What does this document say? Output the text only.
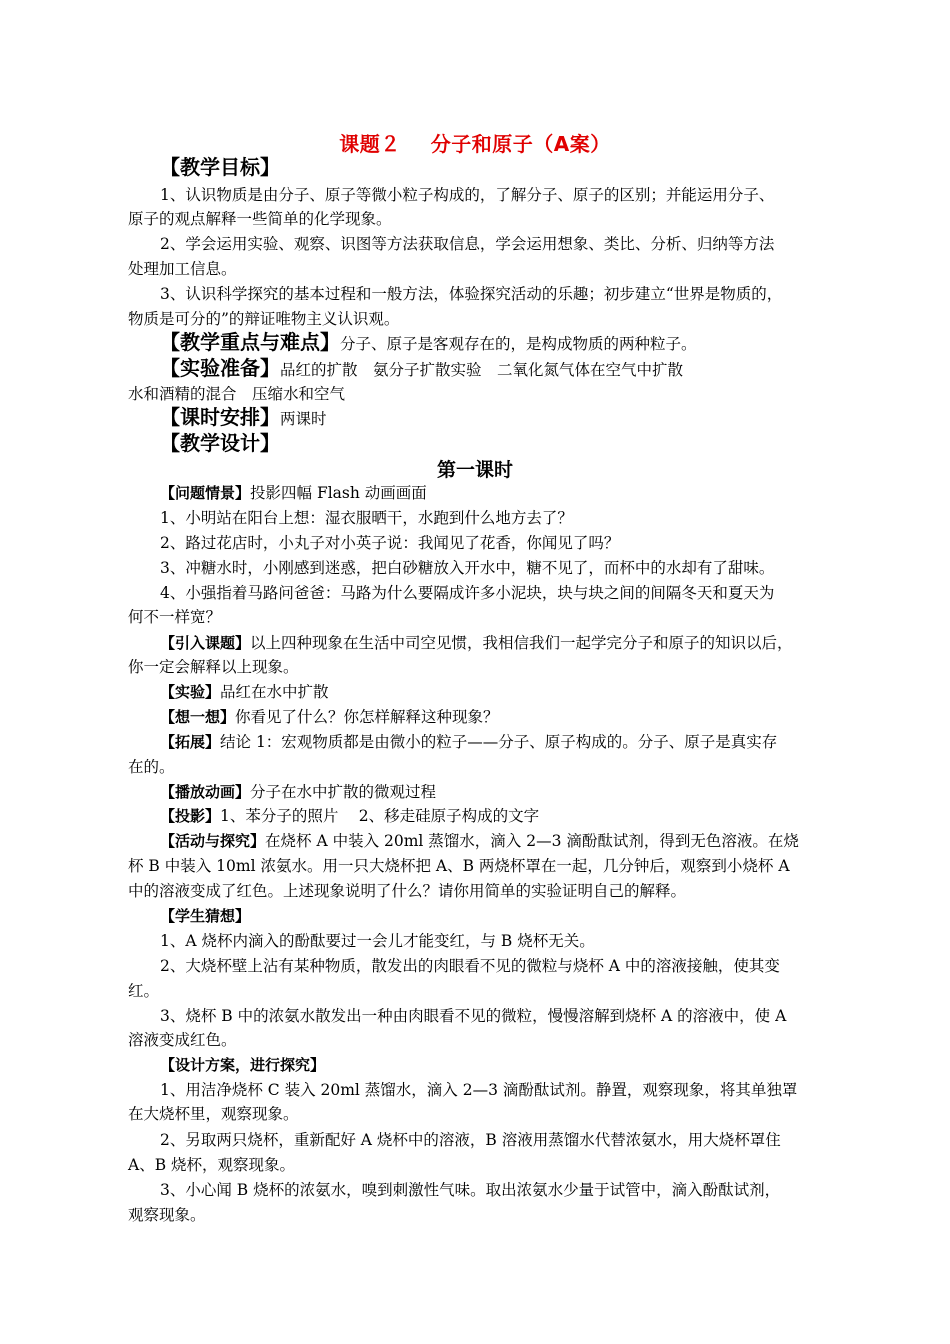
课题２ 分子和原子（A案）
【教学目标】
1、认识物质是由分子、原子等微小粒子构成的，了解分子、原子的区别；并能运用分子、
原子的观点解释一些简单的化学现象。
2、学会运用实验、观察、识图等方法获取信息，学会运用想象、类比、分析、归纳等方法
处理加工信息。
3、认识科学探究的基本过程和一般方法，体验探究活动的乐趣；初步建立“世界是物质的，
物质是可分的”的辩证唯物主义认识观。
【教学重点与难点】分子、原子是客观存在的，是构成物质的两种粒子。
【实验准备】品红的扩散　氨分子扩散实验　二氧化氮气体在空气中扩散
水和酒精的混合　压缩水和空气
【课时安排】两课时
【教学设计】
第一课时
【问题情景】投影四幅 Flash 动画画面
1、小明站在阳台上想：湿衣服晒干，水跑到什么地方去了？
2、路过花店时，小丸子对小英子说：我闻见了花香，你闻见了吗？
3、冲糖水时，小刚感到迷惑，把白砂糖放入开水中，糖不见了，而杯中的水却有了甜味。
4、小强指着马路问爸爸：马路为什么要隔成许多小泥块，块与块之间的间隔冬天和夏天为
何不一样宽？
【引入课题】以上四种现象在生活中司空见惯，我相信我们一起学完分子和原子的知识以后，
你一定会解释以上现象。
【实验】品红在水中扩散
【想一想】你看见了什么？你怎样解释这种现象？
【拓展】结论 1：宏观物质都是由微小的粒子——分子、原子构成的。分子、原子是真实存
在的。
【播放动画】分子在水中扩散的微观过程
【投影】1、苯分子的照片　 2、移走硅原子构成的文字
【活动与探究】在烧杯 A 中装入 20ml 蒸馏水，滴入 2—3 滴酚酞试剂，得到无色溶液。在烧
杯 B 中装入 10ml 浓氨水。用一只大烧杯把 A、B 两烧杯罩在一起，几分钟后，观察到小烧杯 A
中的溶液变成了红色。上述现象说明了什么？请你用简单的实验证明自己的解释。
【学生猜想】
1、A 烧杯内滴入的酚酞要过一会儿才能变红，与 B 烧杯无关。
2、大烧杯壁上沾有某种物质，散发出的肉眼看不见的微粒与烧杯 A 中的溶液接触，使其变
红。
3、烧杯 B 中的浓氨水散发出一种由肉眼看不见的微粒，慢慢溶解到烧杯 A 的溶液中，使 A
溶液变成红色。
【设计方案，进行探究】
1、用洁净烧杯 C 装入 20ml 蒸馏水，滴入 2—3 滴酚酞试剂。静置，观察现象，将其单独罩
在大烧杯里，观察现象。
2、另取两只烧杯，重新配好 A 烧杯中的溶液，B 溶液用蒸馏水代替浓氨水，用大烧杯罩住
A、B 烧杯，观察现象。
3、小心闻 B 烧杯的浓氨水，嗅到刺激性气味。取出浓氨水少量于试管中，滴入酚酞试剂，
观察现象。
